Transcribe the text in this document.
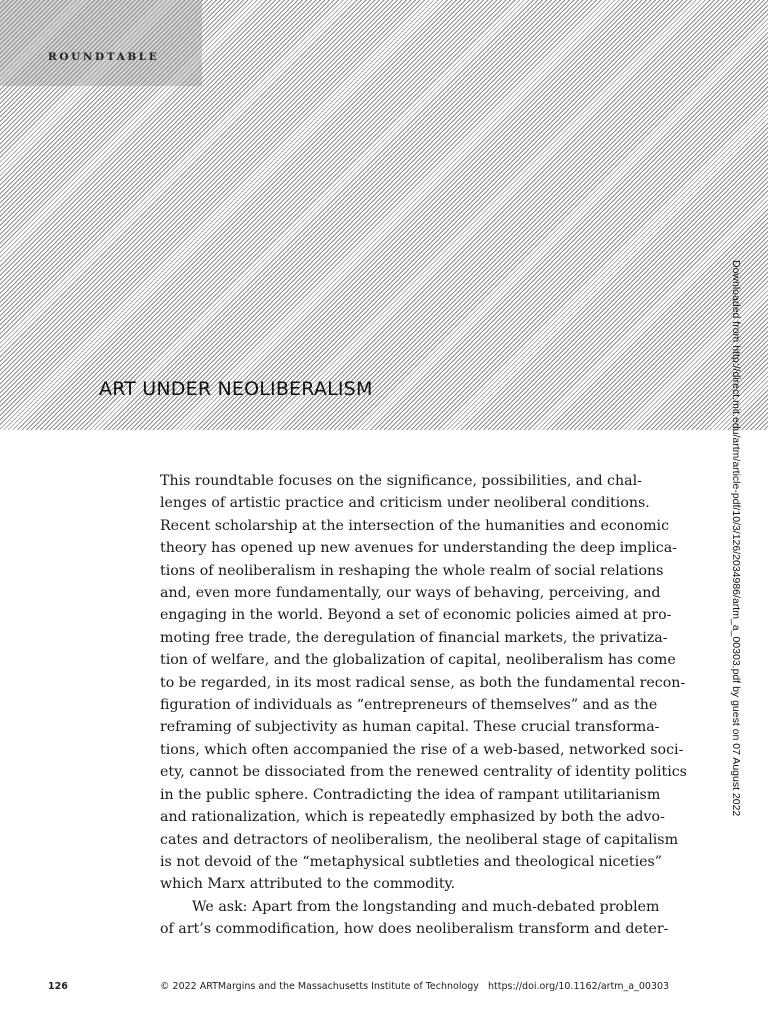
ROUNDTABLE
ART UNDER NEOLIBERALISM	Downloaded from http://direct.mit.edu/artm/article-pdf/10/3/126/2034986/artm_a_00303.pdf by guest on 07 August 2022
This roundtable focuses on the significance, possibilities, and chal-
lenges of artistic practice and criticism under neoliberal conditions.
Recent scholarship at the intersection of the humanities and economic
theory has opened up new avenues for understanding the deep implica-
tions of neoliberalism in reshaping the whole realm of social relations
and, even more fundamentally, our ways of behaving, perceiving, and
engaging in the world. Beyond a set of economic policies aimed at pro-
moting free trade, the deregulation of financial markets, the privatiza-
tion of welfare, and the globalization of capital, neoliberalism has come
to be regarded, in its most radical sense, as both the fundamental recon-
figuration of individuals as “entrepreneurs of themselves” and as the
reframing of subjectivity as human capital. These crucial transforma-
tions, which often accompanied the rise of a web-based, networked soci-
ety, cannot be dissociated from the renewed centrality of identity politics
in the public sphere. Contradicting the idea of rampant utilitarianism
and rationalization, which is repeatedly emphasized by both the advo-
cates and detractors of neoliberalism, the neoliberal stage of capitalism
is not devoid of the “metaphysical subtleties and theological niceties”
which Marx attributed to the commodity.
We ask: Apart from the longstanding and much-debated problem
of art’s commodification, how does neoliberalism transform and deter-
126	© 2022 ARTMargins and the Massachusetts Institute of Technology https://doi.org/10.1162/artm_a_00303
